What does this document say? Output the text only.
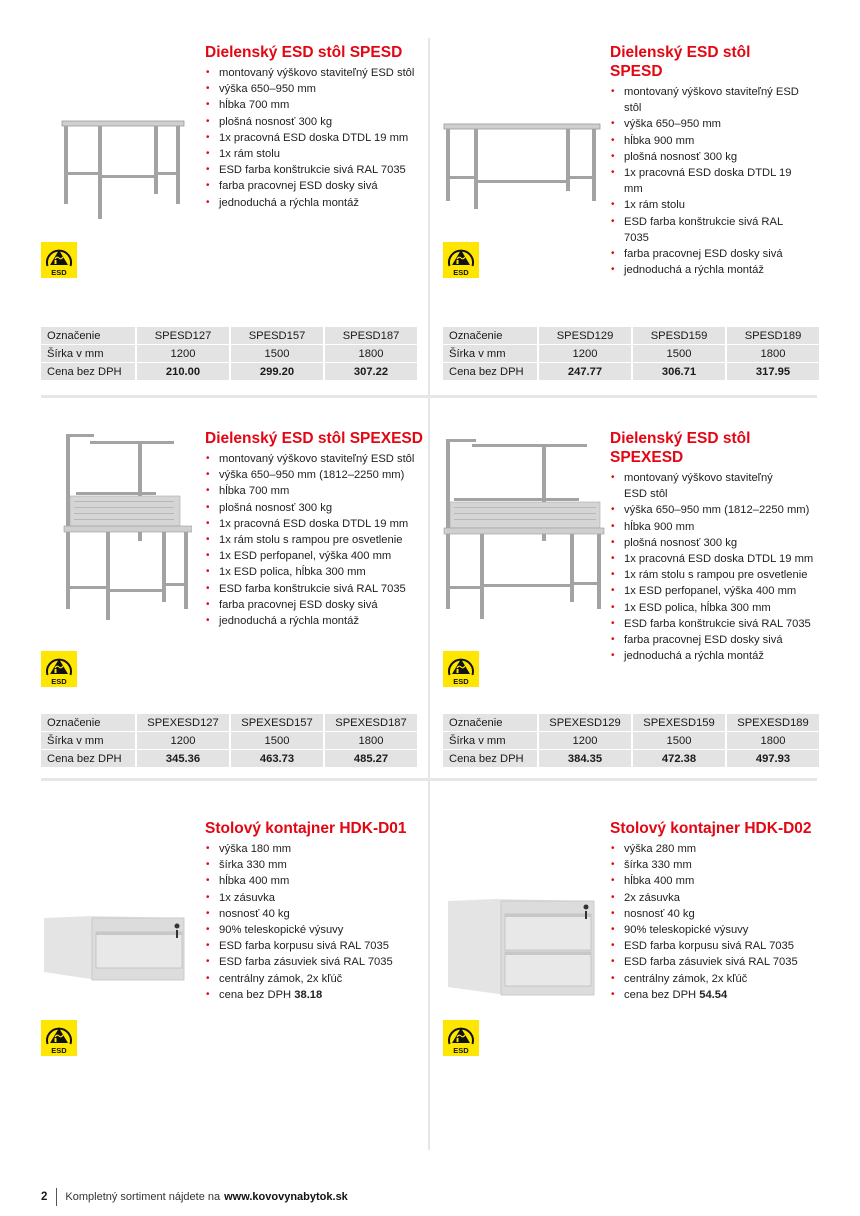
Dielenský ESD stôl SPESD
• montovaný výškovo staviteľný ESD stôl
• výška 650–950 mm
• hĺbka 700 mm
• plošná nosnosť 300 kg
• 1x pracovná ESD doska DTDL 19 mm
• 1x rám stolu
• ESD farba konštrukcie sivá RAL 7035
• farba pracovnej ESD dosky sivá
• jednoduchá a rýchla montáž
Označenie	SPESD127	SPESD157	SPESD187
Šírka v mm	1200	1500	1800
Cena bez DPH	210.00	299.20	307.22
Dielenský ESD stôl SPESD
• montovaný výškovo staviteľný ESD stôl
• výška 650–950 mm
• hĺbka 900 mm
• plošná nosnosť 300 kg
• 1x pracovná ESD doska DTDL 19 mm
• 1x rám stolu
• ESD farba konštrukcie sivá RAL 7035
• farba pracovnej ESD dosky sivá
• jednoduchá a rýchla montáž
Označenie	SPESD129	SPESD159	SPESD189
Šírka v mm	1200	1500	1800
Cena bez DPH	247.77	306.71	317.95
Dielenský ESD stôl SPEXESD
• montovaný výškovo staviteľný ESD stôl
• výška 650–950 mm (1812–2250 mm)
• hĺbka 700 mm
• plošná nosnosť 300 kg
• 1x pracovná ESD doska DTDL 19 mm
• 1x rám stolu s rampou pre osvetlenie
• 1x ESD perfopanel, výška 400 mm
• 1x ESD polica, hĺbka 300 mm
• ESD farba konštrukcie sivá RAL 7035
• farba pracovnej ESD dosky sivá
• jednoduchá a rýchla montáž
Označenie	SPEXESD127	SPEXESD157	SPEXESD187
Šírka v mm	1200	1500	1800
Cena bez DPH	345.36	463.73	485.27
Dielenský ESD stôl SPEXESD
• montovaný výškovo staviteľný ESD stôl
• výška 650–950 mm (1812–2250 mm)
• hĺbka 900 mm
• plošná nosnosť 300 kg
• 1x pracovná ESD doska DTDL 19 mm
• 1x rám stolu s rampou pre osvetlenie
• 1x ESD perfopanel, výška 400 mm
• 1x ESD polica, hĺbka 300 mm
• ESD farba konštrukcie sivá RAL 7035
• farba pracovnej ESD dosky sivá
• jednoduchá a rýchla montáž
Označenie	SPEXESD129	SPEXESD159	SPEXESD189
Šírka v mm	1200	1500	1800
Cena bez DPH	384.35	472.38	497.93
Stolový kontajner HDK-D01
• výška 180 mm
• šírka 330 mm
• hĺbka 400 mm
• 1x zásuvka
• nosnosť 40 kg
• 90% teleskopické výsuvy
• ESD farba korpusu sivá RAL 7035
• ESD farba zásuviek sivá RAL 7035
• centrálny zámok, 2x kľúč
• cena bez DPH 38.18
Stolový kontajner HDK-D02
• výška 280 mm
• šírka 330 mm
• hĺbka 400 mm
• 2x zásuvka
• nosnosť 40 kg
• 90% teleskopické výsuvy
• ESD farba korpusu sivá RAL 7035
• ESD farba zásuviek sivá RAL 7035
• centrálny zámok, 2x kľúč
• cena bez DPH 54.54
ESD	ESD
ESD	ESD
ESD	ESD
2 Kompletný sortiment nájdete na www.kovovynabytok.sk
